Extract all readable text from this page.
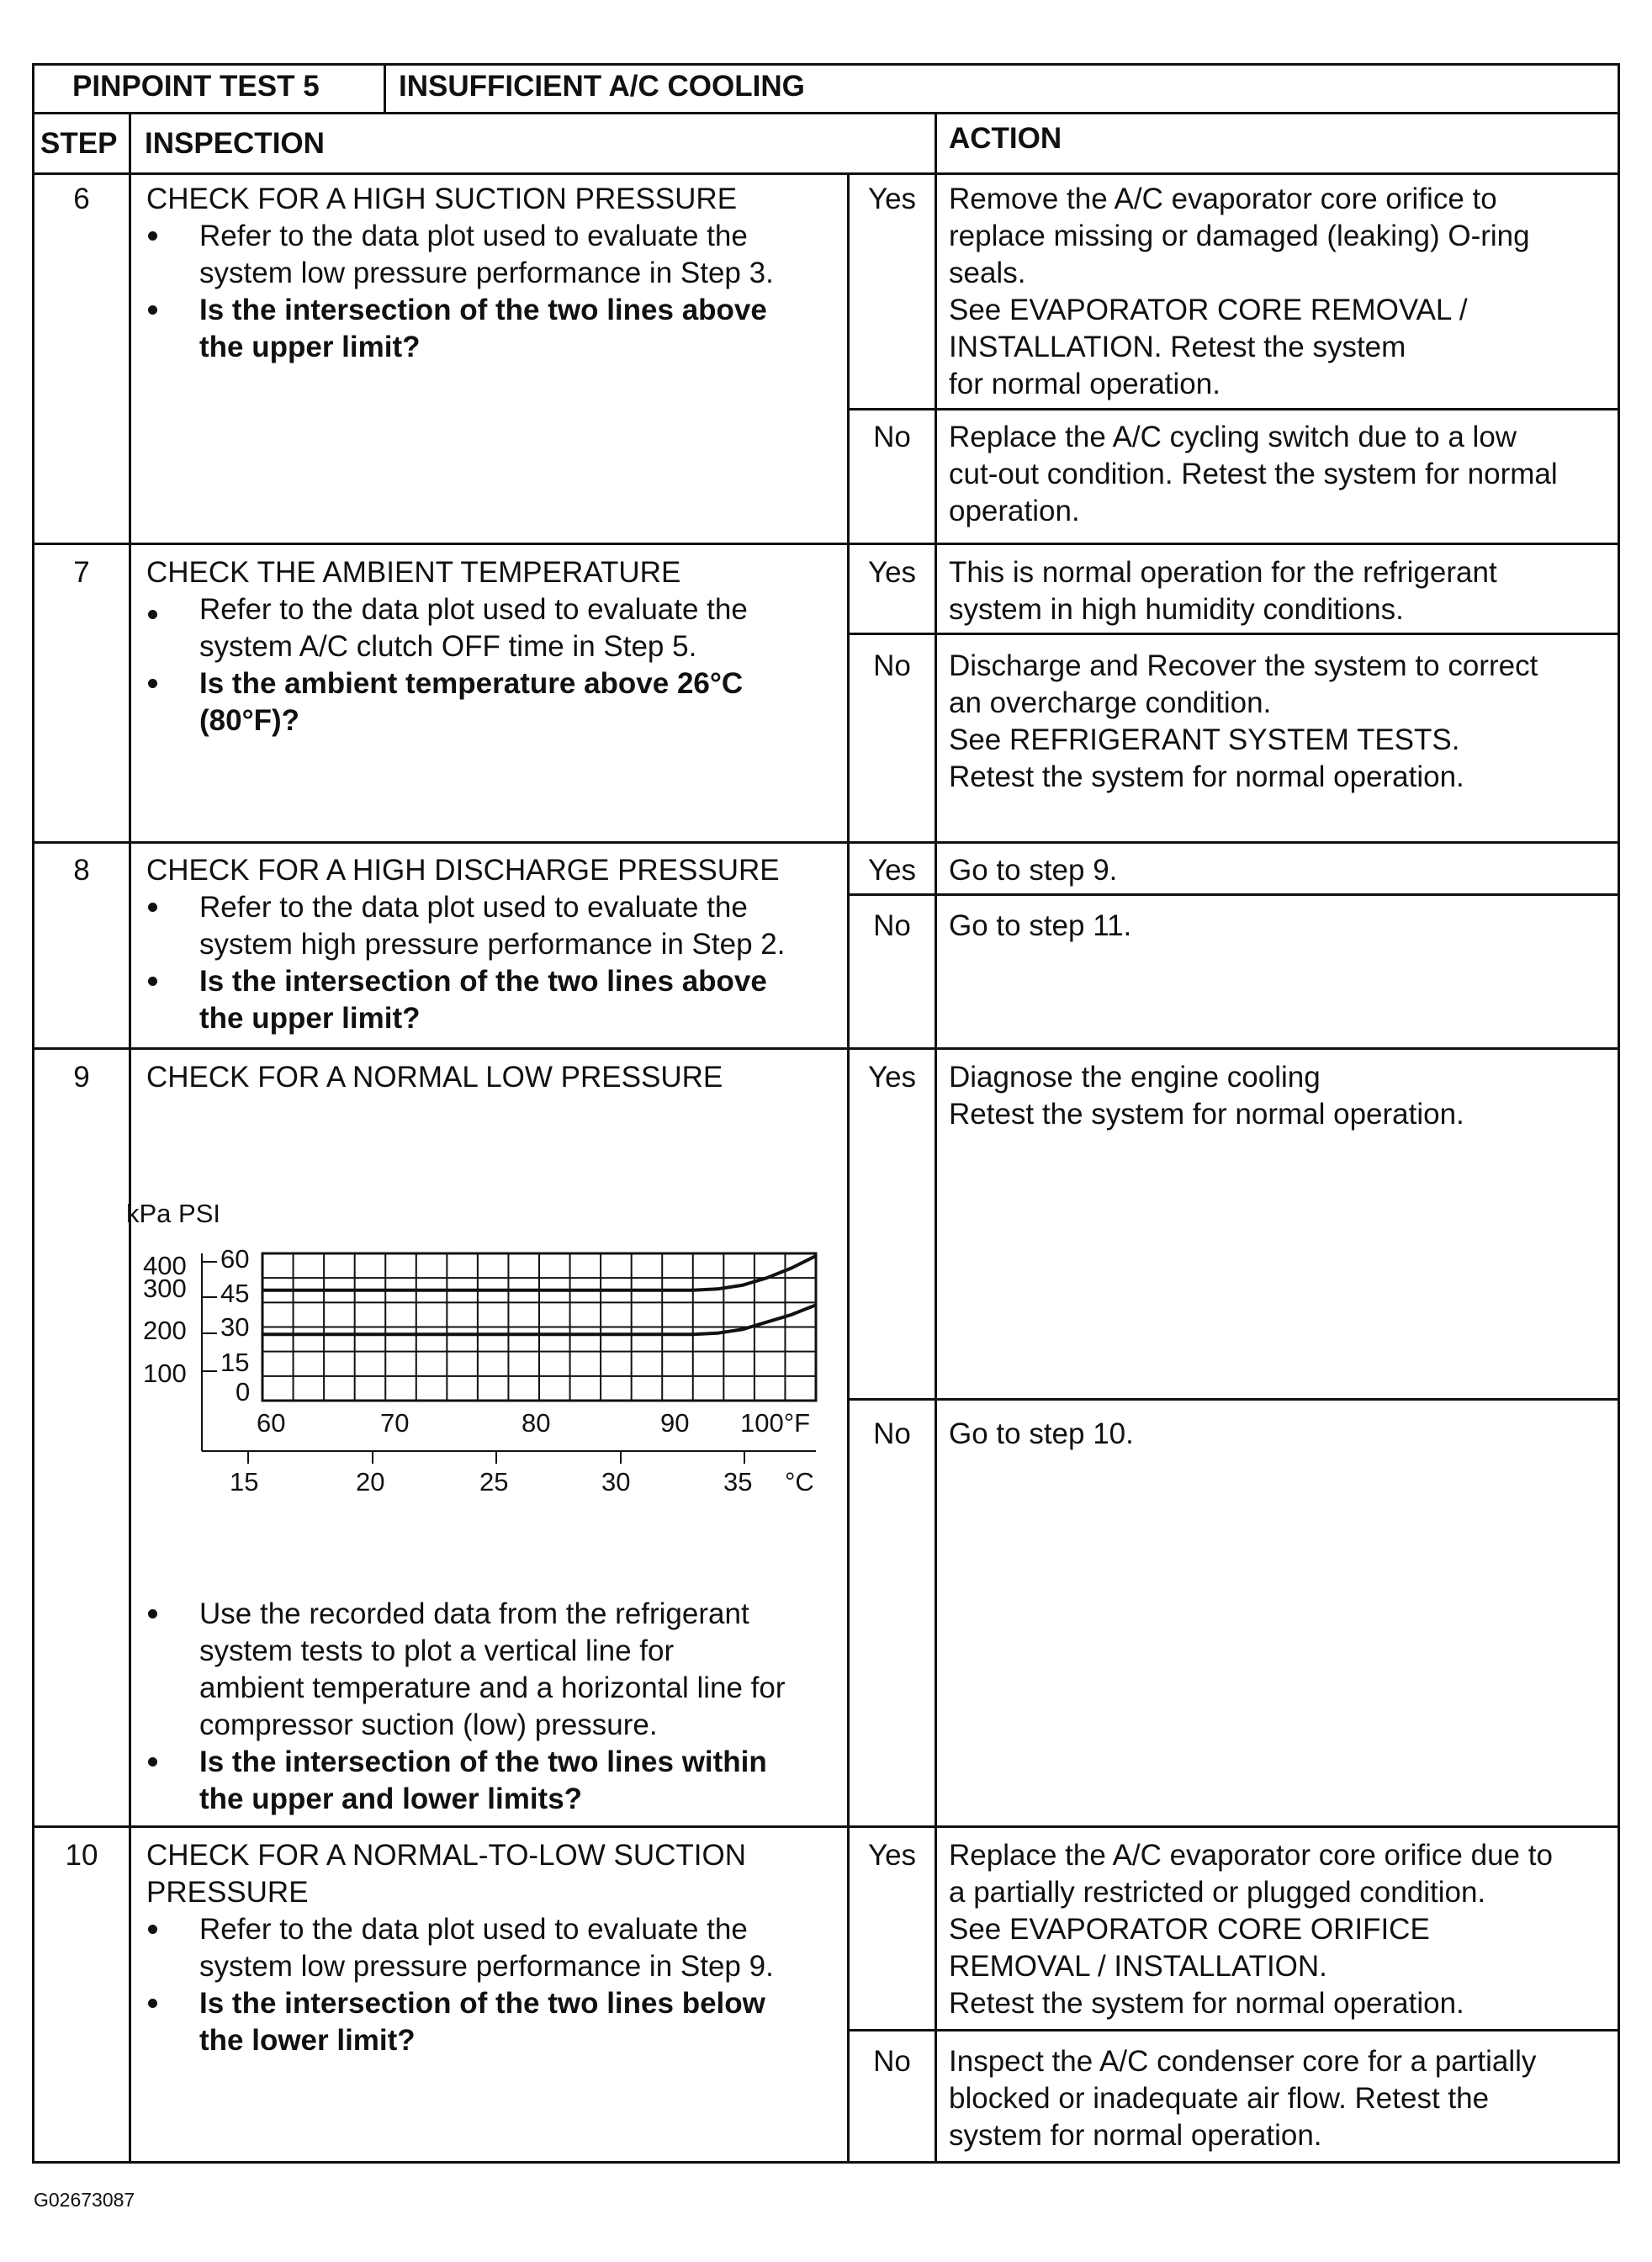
PINPOINT TEST 5	INSUFFICIENT A/C COOLING
STEP INSPECTION	ACTION
6	CHECK FOR A HIGH SUCTION PRESSURE
Refer to the data plot used to evaluate the
system low pressure performance in Step 3.
Is the intersection of the two lines above
the upper limit?
Yes	Remove the A/C evaporator core orifice to
replace missing or damaged (leaking) O-ring
seals.
See EVAPORATOR CORE REMOVAL /
INSTALLATION. Retest the system
for normal operation.
No	Replace the A/C cycling switch due to a low
cut-out condition. Retest the system for normal
operation.
7	CHECK THE AMBIENT TEMPERATURE
Refer to the data plot used to evaluate the
system A/C clutch OFF time in Step 5.
Is the ambient temperature above 26°C
(80°F)?
Yes	This is normal operation for the refrigerant
system in high humidity conditions.
No	Discharge and Recover the system to correct
an overcharge condition.
See REFRIGERANT SYSTEM TESTS.
Retest the system for normal operation.
8	CHECK FOR A HIGH DISCHARGE PRESSURE
Refer to the data plot used to evaluate the
system high pressure performance in Step 2.
Is the intersection of the two lines above
the upper limit?
Yes	Go to step 9.
No	Go to step 11.
9	CHECK FOR A NORMAL LOW PRESSURE
kPa PSI
400
300
200
100
60
45
30
15
0
60	70	80	90 100°F
15	20	25	30	35 °C
Use the recorded data from the refrigerant
system tests to plot a vertical line for
ambient temperature and a horizontal line for
compressor suction (low) pressure.
Is the intersection of the two lines within
the upper and lower limits?
Yes	Diagnose the engine cooling
Retest the system for normal operation.
No	Go to step 10.
10	CHECK FOR A NORMAL-TO-LOW SUCTION
PRESSURE
Refer to the data plot used to evaluate the
system low pressure performance in Step 9.
Is the intersection of the two lines below
the lower limit?
Yes	Replace the A/C evaporator core orifice due to
a partially restricted or plugged condition.
See EVAPORATOR CORE ORIFICE
REMOVAL / INSTALLATION.
Retest the system for normal operation.
No	Inspect the A/C condenser core for a partially
blocked or inadequate air flow. Retest the
system for normal operation.
G02673087
